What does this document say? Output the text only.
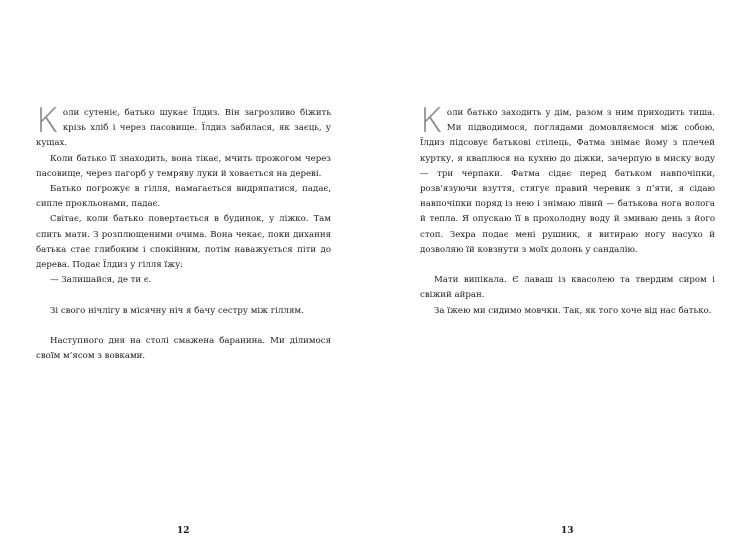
Коли сутеніє, батько шукає Їлдиз. Він загрозливо біжить крізь хліб і через пасовище. Їлдиз забилася, як заєць, у кущах.

Коли батько її знаходить, вона тікає, мчить прожогом через пасовище, через пагорб у темряву луки й ховається на дереві.

Батько погрожує в гілля, намагається видряпатися, падає, сипле прокльонами, падає.

Світає, коли батько повертається в будинок, у ліжко. Там спить мати. З розплющеними очима. Вона чекає, поки дихання батька стає глибоким і спокійним, потім наважується піти до дерева. Подає Їлдиз у гілля їжу:

— Залишайся, де ти є.

Зі свого нічлігу в місячну ніч я бачу сестру між гіллям.

Наступного дня на столі смажена баранина. Ми ділимося своїм м’ясом з вовками.

12

Коли батько заходить у дім, разом з ним приходить тиша. Ми підводимося, поглядами домовляємося між собою, Їлдиз підсовує батькові стілець, Фатма знімає йому з плечей куртку, я кваплюся на кухню до діжки, зачерпую в миску воду — три черпаки. Фатма сідає перед батьком навпочіпки, розв’язуючи взуття, стягує правий черевик з п’яти, я сідаю навпочіпки поряд із нею і знімаю лівий — батькова нога волога й тепла. Я опускаю її в прохолодну воду й змиваю день з його стоп. Зехра подає мені рушник, я витираю ногу насухо й дозволяю їй ковзнути з моїх долонь у сандалію.

Мати випікала. Є лаваш із квасолею та твердим сиром і свіжий айран.

За їжею ми сидимо мовчки. Так, як того хоче від нас батько.

13
